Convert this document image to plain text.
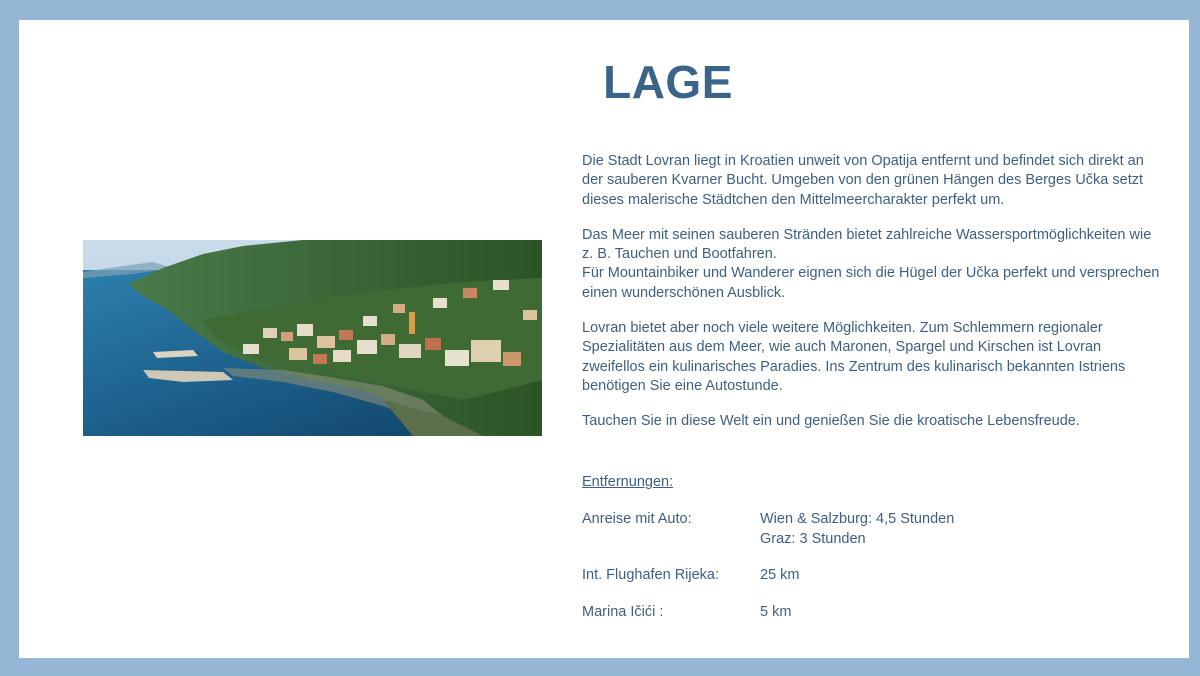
LAGE

Die Stadt Lovran liegt in Kroatien unweit von Opatija entfernt und befindet sich direkt an der sauberen Kvarner Bucht. Umgeben von den grünen Hängen des Berges Učka setzt dieses malerische Städtchen den Mittelmeercharakter perfekt um.

Das Meer mit seinen sauberen Stränden bietet zahlreiche Wassersportmöglichkeiten wie z. B. Tauchen und Bootfahren.
Für Mountainbiker und Wanderer eignen sich die Hügel der Učka perfekt und versprechen einen wunderschönen Ausblick.

Lovran bietet aber noch viele weitere Möglichkeiten. Zum Schlemmern regionaler Spezialitäten aus dem Meer, wie auch Maronen, Spargel und Kirschen ist Lovran zweifellos ein kulinarisches Paradies. Ins Zentrum des kulinarisch bekannten Istriens benötigen Sie eine Autostunde.

Tauchen Sie in diese Welt ein und genießen Sie die kroatische Lebensfreude.

Entfernungen:
Anreise mit Auto:	Wien & Salzburg: 4,5 Stunden
Graz: 3 Stunden
Int. Flughafen Rijeka:	25 km
Marina Ičići :	5 km
